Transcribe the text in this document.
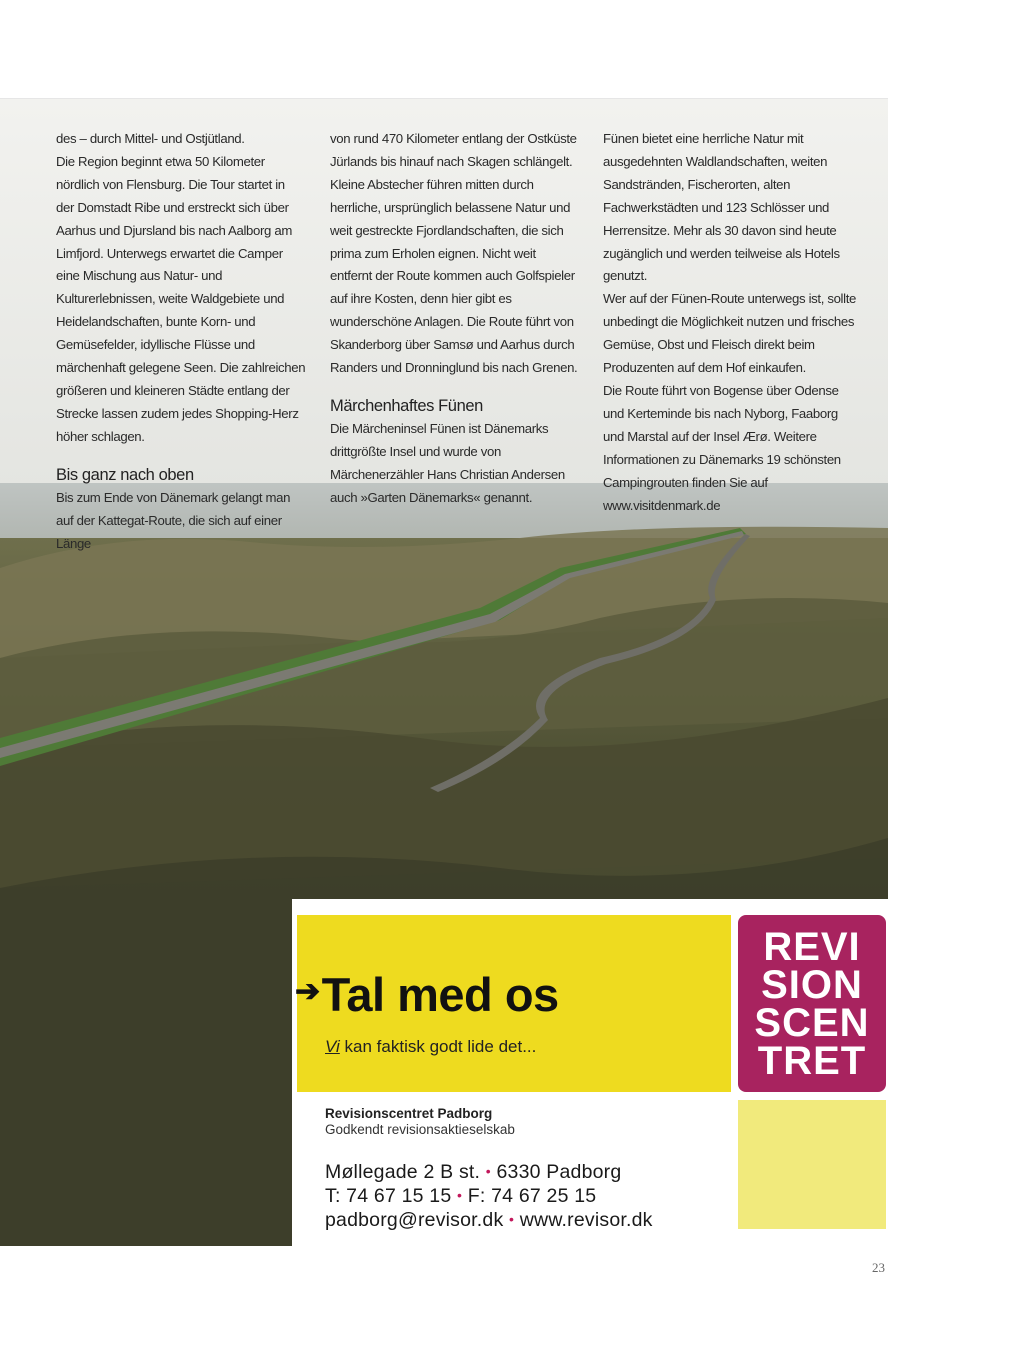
des – durch Mittel- und Ostjütland.
Die Region beginnt etwa 50 Kilometer nördlich von Flensburg. Die Tour startet in der Domstadt Ribe und erstreckt sich über Aarhus und Djursland bis nach Aalborg am Limfjord. Unterwegs erwartet die Camper eine Mischung aus Natur- und Kulturerlebnissen, weite Waldgebiete und Heidelandschaften, bunte Korn- und Gemüsefelder, idyllische Flüsse und märchenhaft gelegene Seen. Die zahlreichen größeren und kleineren Städte entlang der Strecke lassen zudem jedes Shopping-Herz höher schlagen.

Bis ganz nach oben

Bis zum Ende von Dänemark gelangt man auf der Kattegat-Route, die sich auf einer Länge

von rund 470 Kilometer entlang der Ostküste Jürlands bis hinauf nach Skagen schlängelt. Kleine Abstecher führen mitten durch herrliche, ursprünglich belassene Natur und weit gestreckte Fjordlandschaften, die sich prima zum Erholen eignen. Nicht weit entfernt der Route kommen auch Golfspieler auf ihre Kosten, denn hier gibt es wunderschöne Anlagen. Die Route führt von Skanderborg über Samsø und Aarhus durch Randers und Dronninglund bis nach Grenen.

Märchenhaftes Fünen

Die Märcheninsel Fünen ist Dänemarks drittgrößte Insel und wurde von Märchenerzähler Hans Christian Andersen auch »Garten Dänemarks« genannt.

Fünen bietet eine herrliche Natur mit ausgedehnten Waldlandschaften, weiten Sandstränden, Fischerorten, alten Fachwerkstädten und 123 Schlösser und Herrensitze. Mehr als 30 davon sind heute zugänglich und werden teilweise als Hotels genutzt.

Wer auf der Fünen-Route unterwegs ist, sollte unbedingt die Möglichkeit nutzen und frisches Gemüse, Obst und Fleisch direkt beim Produzenten auf dem Hof einkaufen.

Die Route führt von Bogense über Odense und Kerteminde bis nach Nyborg, Faaborg und Marstal auf der Insel Ærø. Weitere Informationen zu Dänemarks 19 schönsten Campingrouten finden Sie auf www.visitdenmark.de

➔Tal med os
Vi kan faktisk godt lide det...
REVI
SION
SCEN
TRET
Revisionscentret Padborg
Godkendt revisionsaktieselskab
Møllegade 2 B st. • 6330 Padborg
T: 74 67 15 15 • F: 74 67 25 15
padborg@revisor.dk • www.revisor.dk
23
